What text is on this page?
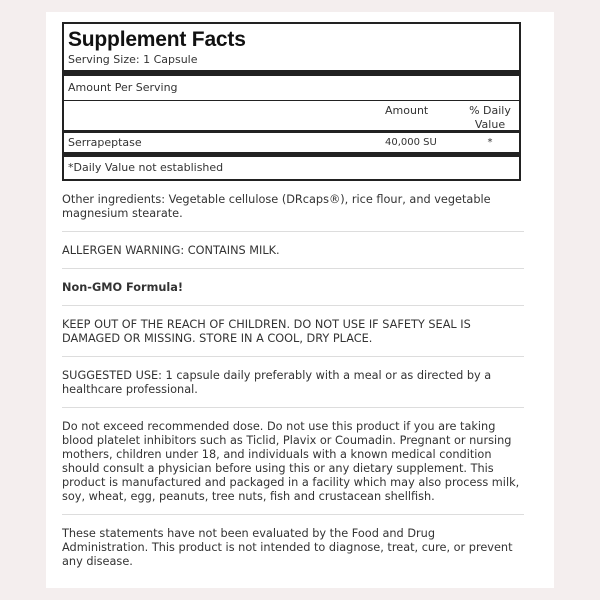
Supplement Facts
Serving Size: 1 Capsule
Amount Per Serving
Amount	% Daily
Value
Serrapeptase	40,000 SU	*
*Daily Value not established
Other ingredients: Vegetable cellulose (DRcaps®), rice flour, and vegetable magnesium stearate.
ALLERGEN WARNING: CONTAINS MILK.
Non-GMO Formula!
KEEP OUT OF THE REACH OF CHILDREN. DO NOT USE IF SAFETY SEAL IS DAMAGED OR MISSING. STORE IN A COOL, DRY PLACE.
SUGGESTED USE: 1 capsule daily preferably with a meal or as directed by a healthcare professional.
Do not exceed recommended dose. Do not use this product if you are taking blood platelet inhibitors such as Ticlid, Plavix or Coumadin. Pregnant or nursing mothers, children under 18, and individuals with a known medical condition should consult a physician before using this or any dietary supplement. This product is manufactured and packaged in a facility which may also process milk, soy, wheat, egg, peanuts, tree nuts, fish and crustacean shellfish.
These statements have not been evaluated by the Food and Drug Administration. This product is not intended to diagnose, treat, cure, or prevent any disease.
